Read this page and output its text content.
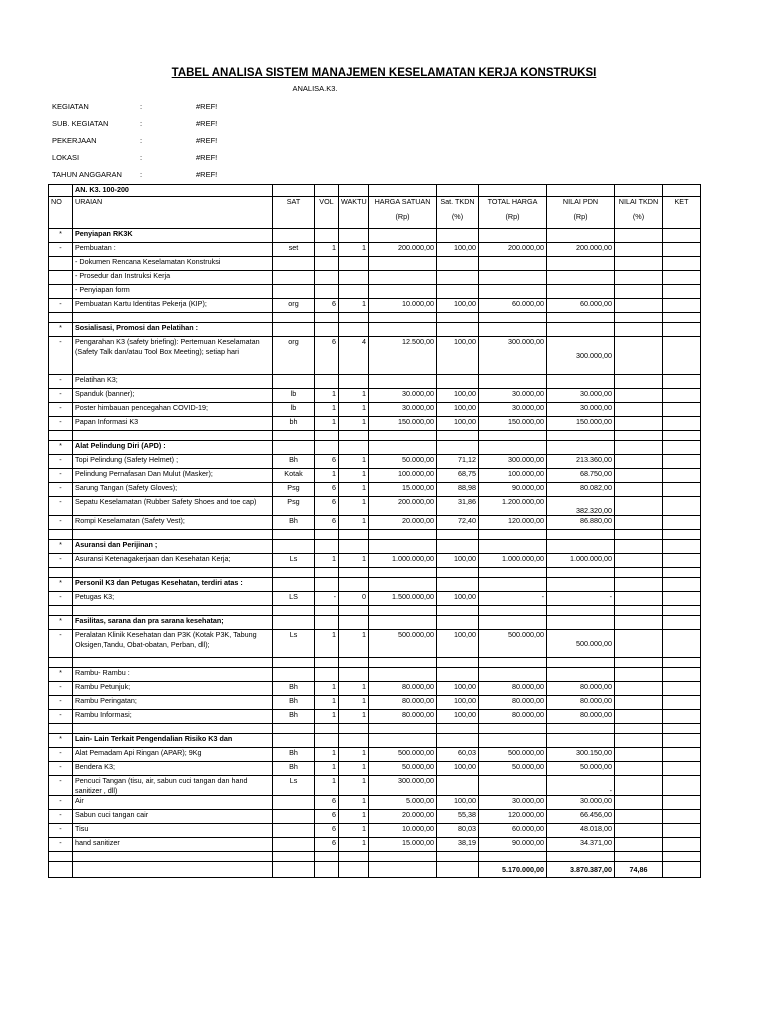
TABEL ANALISA SISTEM MANAJEMEN KESELAMATAN KERJA KONSTRUKSI
ANALISA.K3.
KEGIATAN	:	#REF!
SUB. KEGIATAN	:	#REF!
PEKERJAAN	:	#REF!
LOKASI	:	#REF!
TAHUN ANGGARAN	:	#REF!
	AN. K3. 100-200									
NO	URAIAN	SAT	VOL	WAKTU	HARGA SATUAN	Sat. TKDN	TOTAL HARGA	NILAI PDN	NILAI TKDN	KET
					(Rp)	(%)	(Rp)	(Rp)	(%)	
*	Penyiapan RK3K									
-	Pembuatan :	set	1	1	200.000,00	100,00	200.000,00	200.000,00		
	- Dokumen Rencana Keselamatan Konstruksi									
	- Prosedur dan Instruksi Kerja									
	- Penyiapan form									
-	Pembuatan Kartu Identitas Pekerja (KIP);	org	6	1	10.000,00	100,00	60.000,00	60.000,00		

*	Sosialisasi, Promosi dan Pelatihan :									
-	Pengarahan K3 (safety briefing): Pertemuan Keselamatan (Safety Talk dan/atau Tool Box Meeting); setiap hari	org	6	4	12.500,00	100,00	300.000,00	300.000,00		
-	Pelatihan K3;									
-	Spanduk (banner);	lb	1	1	30.000,00	100,00	30.000,00	30.000,00		
-	Poster himbauan pencegahan COVID-19;	lb	1	1	30.000,00	100,00	30.000,00	30.000,00		
-	Papan Informasi K3	bh	1	1	150.000,00	100,00	150.000,00	150.000,00		

*	Alat Pelindung Diri (APD) :									
-	Topi Pelindung (Safety Helmet) ;	Bh	6	1	50.000,00	71,12	300.000,00	213.360,00		
-	Pelindung Pernafasan Dan Mulut (Masker);	Kotak	1	1	100.000,00	68,75	100.000,00	68.750,00		
-	Sarung Tangan (Safety Gloves);	Psg	6	1	15.000,00	88,98	90.000,00	80.082,00		
-	Sepatu Keselamatan (Rubber Safety Shoes and toe cap)	Psg	6	1	200.000,00	31,86	1.200.000,00	382.320,00		
-	Rompi Keselamatan (Safety Vest);	Bh	6	1	20.000,00	72,40	120.000,00	86.880,00		

*	Asuransi dan Perijinan ;									
-	Asuransi Ketenagakerjaan dan Kesehatan Kerja;	Ls	1	1	1.000.000,00	100,00	1.000.000,00	1.000.000,00		

*	Personil K3 dan Petugas Kesehatan, terdiri atas :									
-	Petugas K3;	LS	-	0	1.500.000,00	100,00	-	-		

*	Fasilitas, sarana dan pra sarana kesehatan;									
-	Peralatan Klinik Kesehatan dan P3K (Kotak P3K, Tabung Oksigen,Tandu, Obat-obatan, Perban, dll);	Ls	1	1	500.000,00	100,00	500.000,00	500.000,00		

*	Rambu- Rambu :									
-	Rambu Petunjuk;	Bh	1	1	80.000,00	100,00	80.000,00	80.000,00		
-	Rambu Peringatan;	Bh	1	1	80.000,00	100,00	80.000,00	80.000,00		
-	Rambu Informasi;	Bh	1	1	80.000,00	100,00	80.000,00	80.000,00		

*	Lain- Lain Terkait Pengendalian Risiko K3 dan									
-	Alat Pemadam Api Ringan (APAR); 9Kg	Bh	1	1	500.000,00	60,03	500.000,00	300.150,00		
-	Bendera K3;	Bh	1	1	50.000,00	100,00	50.000,00	50.000,00		
-	Pencuci Tangan (tisu, air, sabun cuci tangan dan hand sanitizer , dll)	Ls	1	1	300.000,00			-		
-	Air		6	1	5.000,00	100,00	30.000,00	30.000,00		
-	Sabun cuci tangan cair		6	1	20.000,00	55,38	120.000,00	66.456,00		
-	Tisu		6	1	10.000,00	80,03	60.000,00	48.018,00		
-	hand sanitizer		6	1	15.000,00	38,19	90.000,00	34.371,00		

							5.170.000,00	3.870.387,00	74,86	
